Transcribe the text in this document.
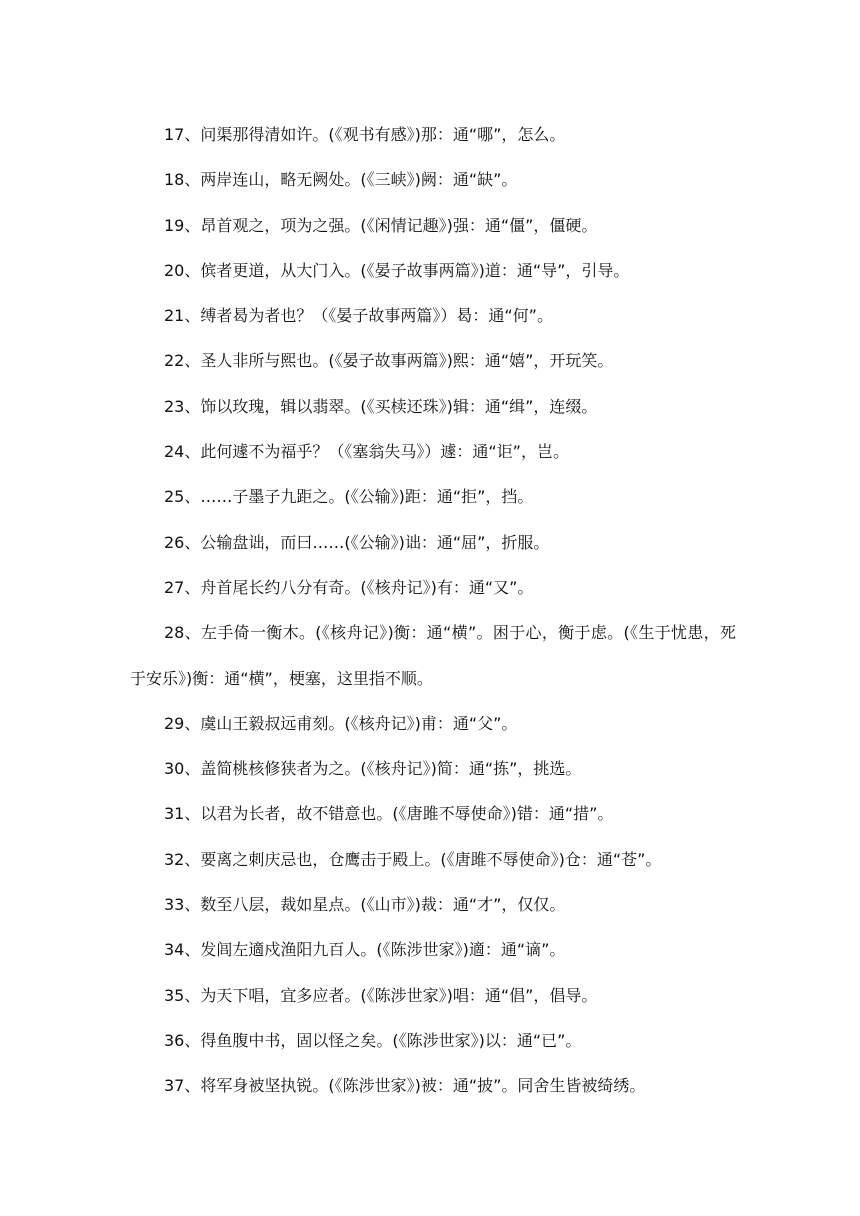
17、问渠那得清如许。(《观书有感》)那：通“哪”，怎么。
18、两岸连山，略无阙处。(《三峡》)阙：通“缺”。
19、昂首观之，项为之强。(《闲情记趣》)强：通“僵”，僵硬。
20、傧者更道，从大门入。(《晏子故事两篇》)道：通“导”，引导。
21、缚者曷为者也？（《晏子故事两篇》）曷：通“何”。
22、圣人非所与熙也。(《晏子故事两篇》)熙：通“嬉”，开玩笑。
23、饰以玫瑰，辑以翡翠。(《买椟还珠》)辑：通“缉”，连缀。
24、此何遽不为福乎？（《塞翁失马》）遽：通“讵”，岂。
25、……子墨子九距之。(《公输》)距：通“拒”，挡。
26、公输盘诎，而曰……(《公输》)诎：通“屈”，折服。
27、舟首尾长约八分有奇。(《核舟记》)有：通“又”。
28、左手倚一衡木。(《核舟记》)衡：通“横”。困于心，衡于虑。(《生于忧患，死于安乐》)衡：通“横”，梗塞，这里指不顺。
29、虞山王毅叔远甫刻。(《核舟记》)甫：通“父”。
30、盖简桃核修狭者为之。(《核舟记》)简：通“拣”，挑选。
31、以君为长者，故不错意也。(《唐雎不辱使命》)错：通“措”。
32、要离之刺庆忌也，仓鹰击于殿上。(《唐雎不辱使命》)仓：通“苍”。
33、数至八层，裁如星点。(《山市》)裁：通“才”，仅仅。
34、发闾左適戍渔阳九百人。(《陈涉世家》)適：通“谪”。
35、为天下唱，宜多应者。(《陈涉世家》)唱：通“倡”，倡导。
36、得鱼腹中书，固以怪之矣。(《陈涉世家》)以：通“已”。
37、将军身被坚执锐。(《陈涉世家》)被：通“披”。同舍生皆被绮绣。
